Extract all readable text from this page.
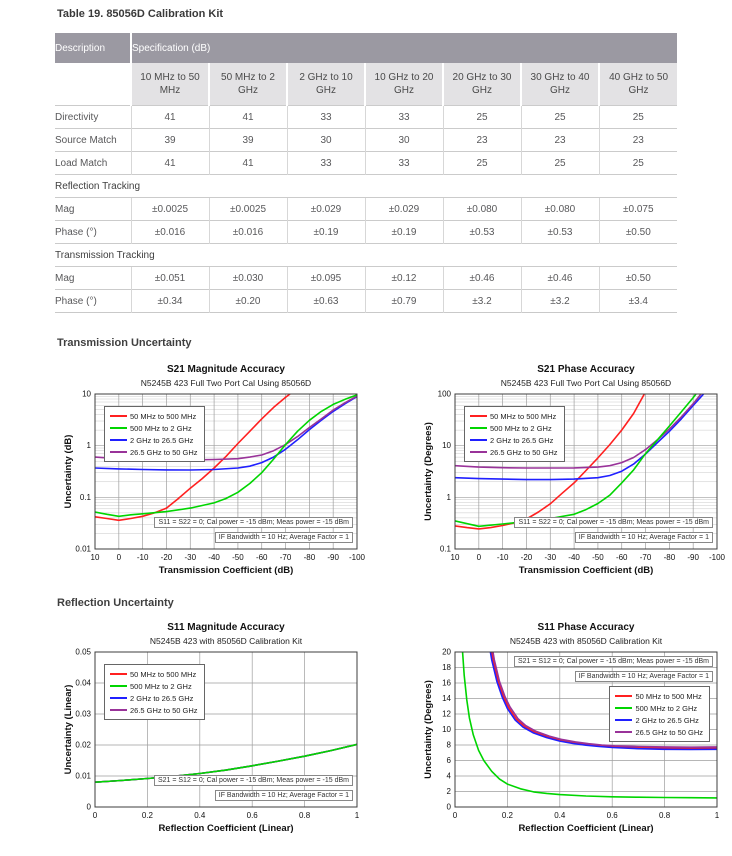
Table 19. 85056D Calibration Kit
Description	Specification (dB)						
	10 MHz to 50 MHz	50 MHz to 2 GHz	2 GHz to 10 GHz	10 GHz to 20 GHz	20 GHz to 30 GHz	30 GHz to 40 GHz	40 GHz to 50 GHz
Directivity	41	41	33	33	25	25	25
Source Match	39	39	30	30	23	23	23
Load Match	41	41	33	33	25	25	25
Reflection Tracking							
Mag	±0.0025	±0.0025	±0.029	±0.029	±0.080	±0.080	±0.075
Phase (°)	±0.016	±0.016	±0.19	±0.19	±0.53	±0.53	±0.50
Transmission Tracking							
Mag	±0.051	±0.030	±0.095	±0.12	±0.46	±0.46	±0.50
Phase (°)	±0.34	±0.20	±0.63	±0.79	±3.2	±3.2	±3.4
Transmission Uncertainty
S21 Magnitude Accuracy
N5245B 423 Full Two Port Cal Using 85056D
10 0 -10 -20 -30 -40 -50 -60 -70 -80 -90 -100
0.01
0.1
1
10
Transmission Coefficient (dB)
Uncertainty (dB)
50 MHz to 500 MHz
500 MHz to 2 GHz
2 GHz to 26.5 GHz
26.5 GHz to 50 GHz
S11 = S22 = 0; Cal power = -15 dBm; Meas power = -15 dBm
IF Bandwidth = 10 Hz; Average Factor = 1
S21 Phase Accuracy
N5245B 423 Full Two Port Cal Using 85056D
10 0 -10 -20 -30 -40 -50 -60 -70 -80 -90 -100
0.1
1
10
100
Transmission Coefficient (dB)
Uncertainty (Degrees)
50 MHz to 500 MHz
500 MHz to 2 GHz
2 GHz to 26.5 GHz
26.5 GHz to 50 GHz
S11 = S22 = 0; Cal power = -15 dBm; Meas power = -15 dBm
IF Bandwidth = 10 Hz; Average Factor = 1
Reflection Uncertainty
S11 Magnitude Accuracy
N5245B 423 with 85056D Calibration Kit
0	0.2	0.4	0.6	0.8	1
0
0.01
0.02
0.03
0.04
0.05
Reflection Coefficient (Linear)
Uncertainty (Linear)
50 MHz to 500 MHz
500 MHz to 2 GHz
2 GHz to 26.5 GHz
26.5 GHz to 50 GHz
S21 = S12 = 0; Cal power = -15 dBm; Meas power = -15 dBm
IF Bandwidth = 10 Hz; Average Factor = 1
S11 Phase Accuracy
N5245B 423 with 85056D Calibration Kit
0	0.2	0.4	0.6	0.8	1
0
2
4
6
8
10
12
14
16
18
20
Reflection Coefficient (Linear)
Uncertainty (Degrees)	50 MHz to 500 MHz
500 MHz to 2 GHz
2 GHz to 26.5 GHz
26.5 GHz to 50 GHz
S21 = S12 = 0; Cal power = -15 dBm; Meas power = -15 dBm
IF Bandwidth = 10 Hz; Average Factor = 1
